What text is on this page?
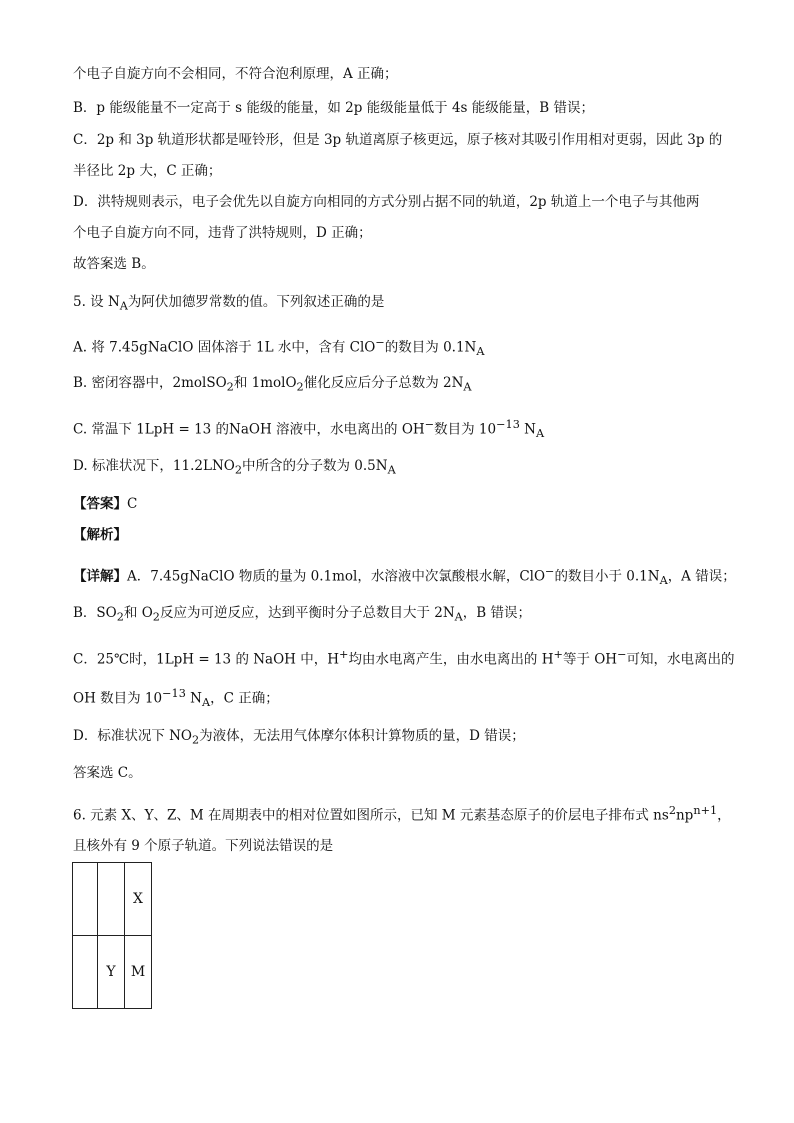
个电子自旋方向不会相同，不符合泡利原理，A 正确；
B．p 能级能量不一定高于 s 能级的能量，如 2p 能级能量低于 4s 能级能量，B 错误；
C．2p 和 3p 轨道形状都是哑铃形，但是 3p 轨道离原子核更远，原子核对其吸引作用相对更弱，因此 3p 的
半径比 2p 大，C 正确；
D．洪特规则表示，电子会优先以自旋方向相同的方式分别占据不同的轨道，2p 轨道上一个电子与其他两
个电子自旋方向不同，违背了洪特规则，D 正确；
故答案选 B。
5. 设 $N_A$为阿伏加德罗常数的值。下列叙述正确的是
A. 将 7.45gNaClO 固体溶于 1L 水中，含有 ClO−的数目为 $0.1N_A$
B. 密闭容器中，2molSO$_2$和 1molO$_2$催化反应后分子总数为 $2N_A$
C. 常温下 1LpH = 13 的NaOH 溶液中，水电离出的 OH−数目为 $10^{-13}$ $N_A$
D. 标准状况下，$11.2LNO_2$中所含的分子数为 $0.5N_A$
【答案】C
【解析】
【详解】A．7.45gNaClO 物质的量为 0.1mol，水溶液中次氯酸根水解，ClO−的数目小于 $0.1N_A$，A 错误；
B．$SO_2$和 $O_2$反应为可逆反应，达到平衡时分子总数目大于 $2N_A$，B 错误；
C．25℃时，1LpH = 13 的 NaOH 中，H+均由水电离产生，由水电离出的 H+等于 OH−可知，水电离出的
OH 数目为 $10^{-13}$ $N_A$，C 正确；
D．标准状况下 $NO_2$为液体，无法用气体摩尔体积计算物质的量，D 错误；
答案选 C。
6. 元素 X、Y、Z、M 在周期表中的相对位置如图所示，已知 M 元素基态原子的价层电子排布式 $ns^2np^{n+1}$，
且核外有 9 个原子轨道。下列说法错误的是
		X
	Y	M
